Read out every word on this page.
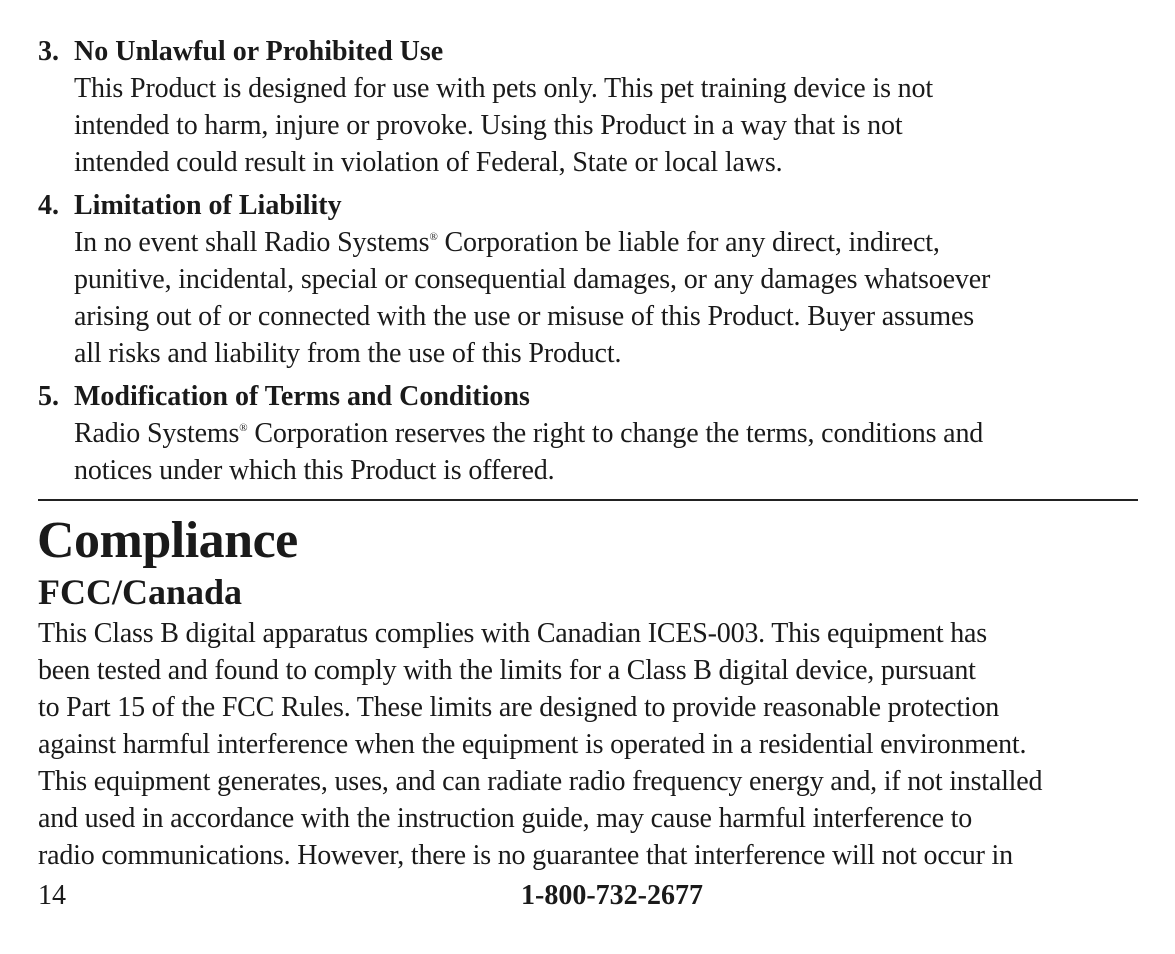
3. No Unlawful or Prohibited Use
This Product is designed for use with pets only. This pet training device is not
intended to harm, injure or provoke. Using this Product in a way that is not
intended could result in violation of Federal, State or local laws.
4. Limitation of Liability
In no event shall Radio Systems® Corporation be liable for any direct, indirect,
punitive, incidental, special or consequential damages, or any damages whatsoever
arising out of or connected with the use or misuse of this Product. Buyer assumes
all risks and liability from the use of this Product.
5. Modification of Terms and Conditions
Radio Systems® Corporation reserves the right to change the terms, conditions and
notices under which this Product is offered.
Compliance
FCC/Canada
This Class B digital apparatus complies with Canadian ICES-003. This equipment has
been tested and found to comply with the limits for a Class B digital device, pursuant
to Part 15 of the FCC Rules. These limits are designed to provide reasonable protection
against harmful interference when the equipment is operated in a residential environment.
This equipment generates, uses, and can radiate radio frequency energy and, if not installed
and used in accordance with the instruction guide, may cause harmful interference to
radio communications. However, there is no guarantee that interference will not occur in
14	1-800-732-2677
